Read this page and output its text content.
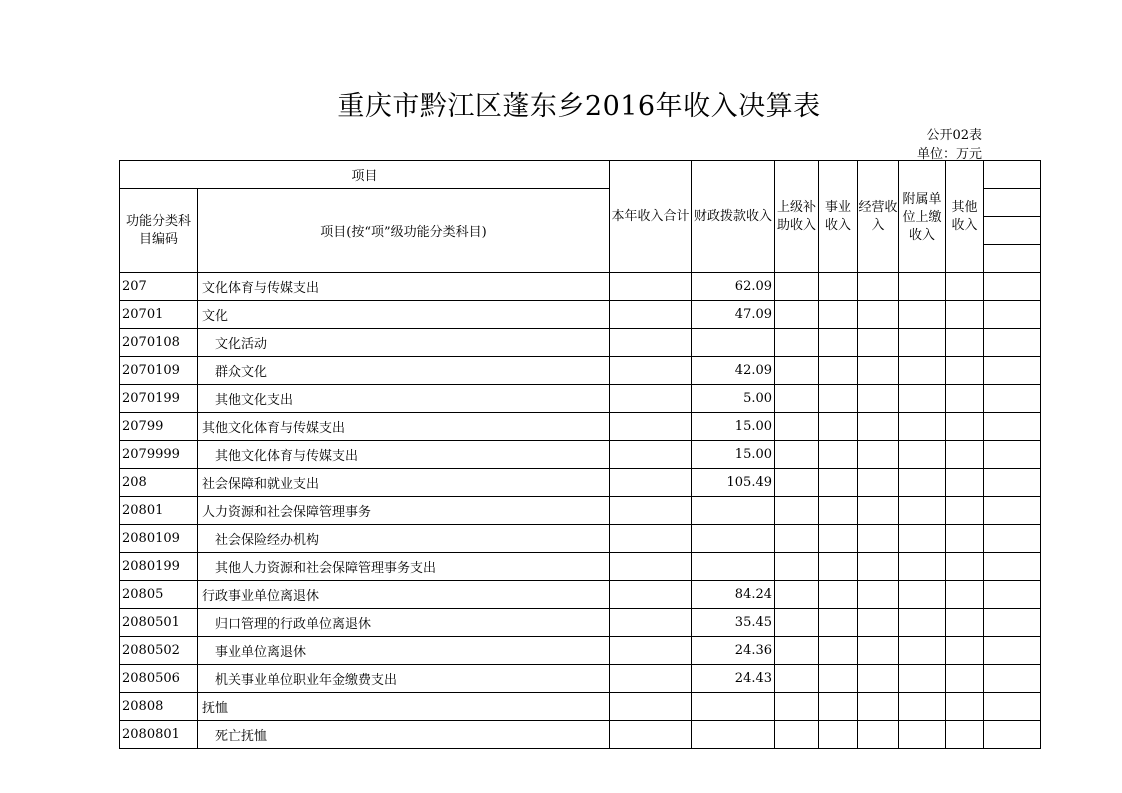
重庆市黔江区蓬东乡2016年收入决算表
公开02表
单位：万元
项目		本年收入合计	财政拨款收入	上级补助收入	事业收入	经营收入	附属单位上缴收入	其他收入	
功能分类科目编码	项目(按“项”级功能分类科目)								

207	文化体育与传媒支出		62.09						
20701	文化		47.09						
2070108	文化活动								
2070109	群众文化		42.09						
2070199	其他文化支出		5.00						
20799	其他文化体育与传媒支出		15.00						
2079999	其他文化体育与传媒支出		15.00						
208	社会保障和就业支出		105.49						
20801	人力资源和社会保障管理事务								
2080109	社会保险经办机构								
2080199	其他人力资源和社会保障管理事务支出								
20805	行政事业单位离退休		84.24						
2080501	归口管理的行政单位离退休		35.45						
2080502	事业单位离退休		24.36						
2080506	机关事业单位职业年金缴费支出		24.43						
20808	抚恤								
2080801	死亡抚恤								
